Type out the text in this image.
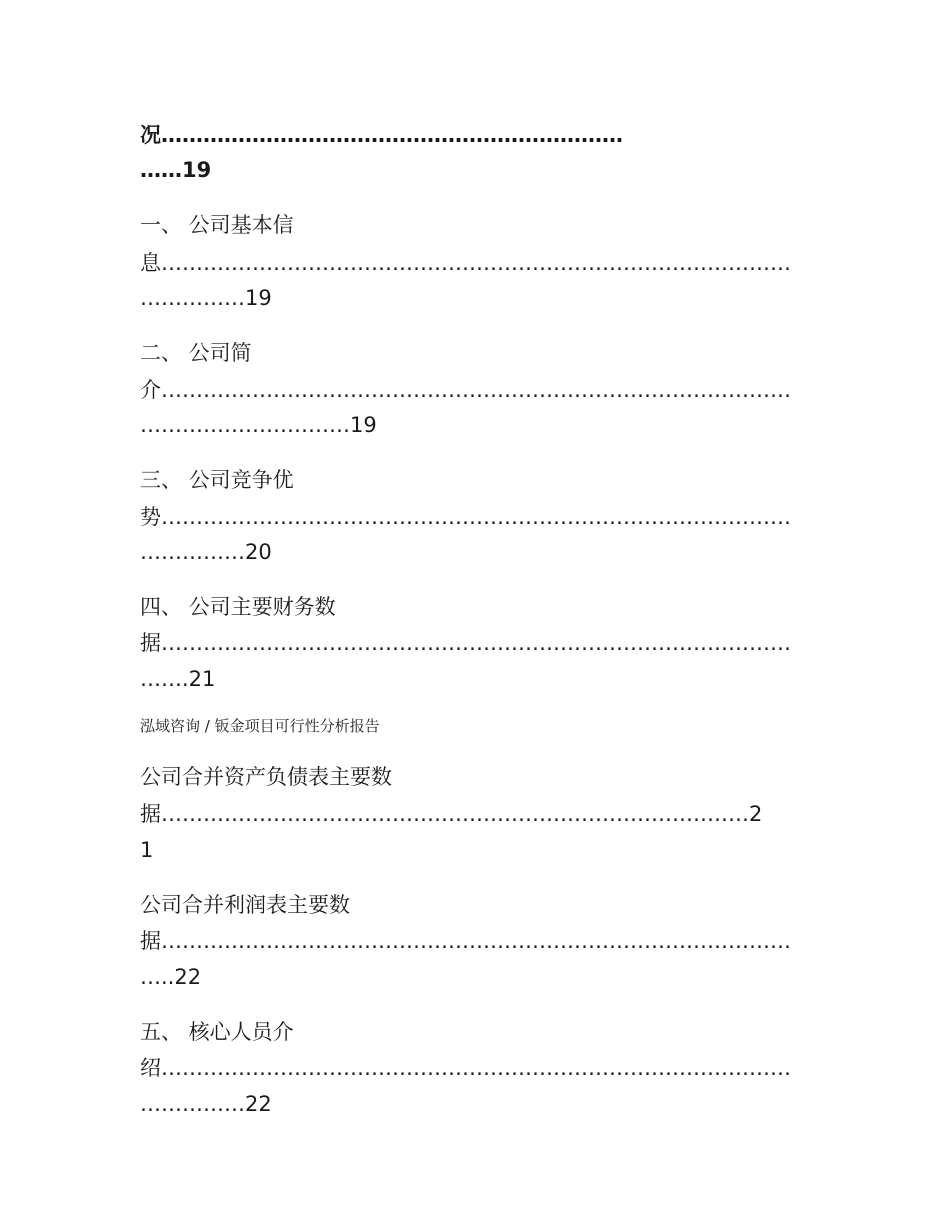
况…………………………………………………………
……19
一、 公司基本信
息………………………………………………………………………………
……………19
二、 公司简
介………………………………………………………………………………
…………………………19
三、 公司竞争优
势………………………………………………………………………………
……………20
四、 公司主要财务数
据………………………………………………………………………………
…….21
泓域咨询 / 钣金项目可行性分析报告
公司合并资产负债表主要数
据…………………………………………………………………………2
1
公司合并利润表主要数
据………………………………………………………………………………
…..22
五、 核心人员介
绍………………………………………………………………………………
……………22
